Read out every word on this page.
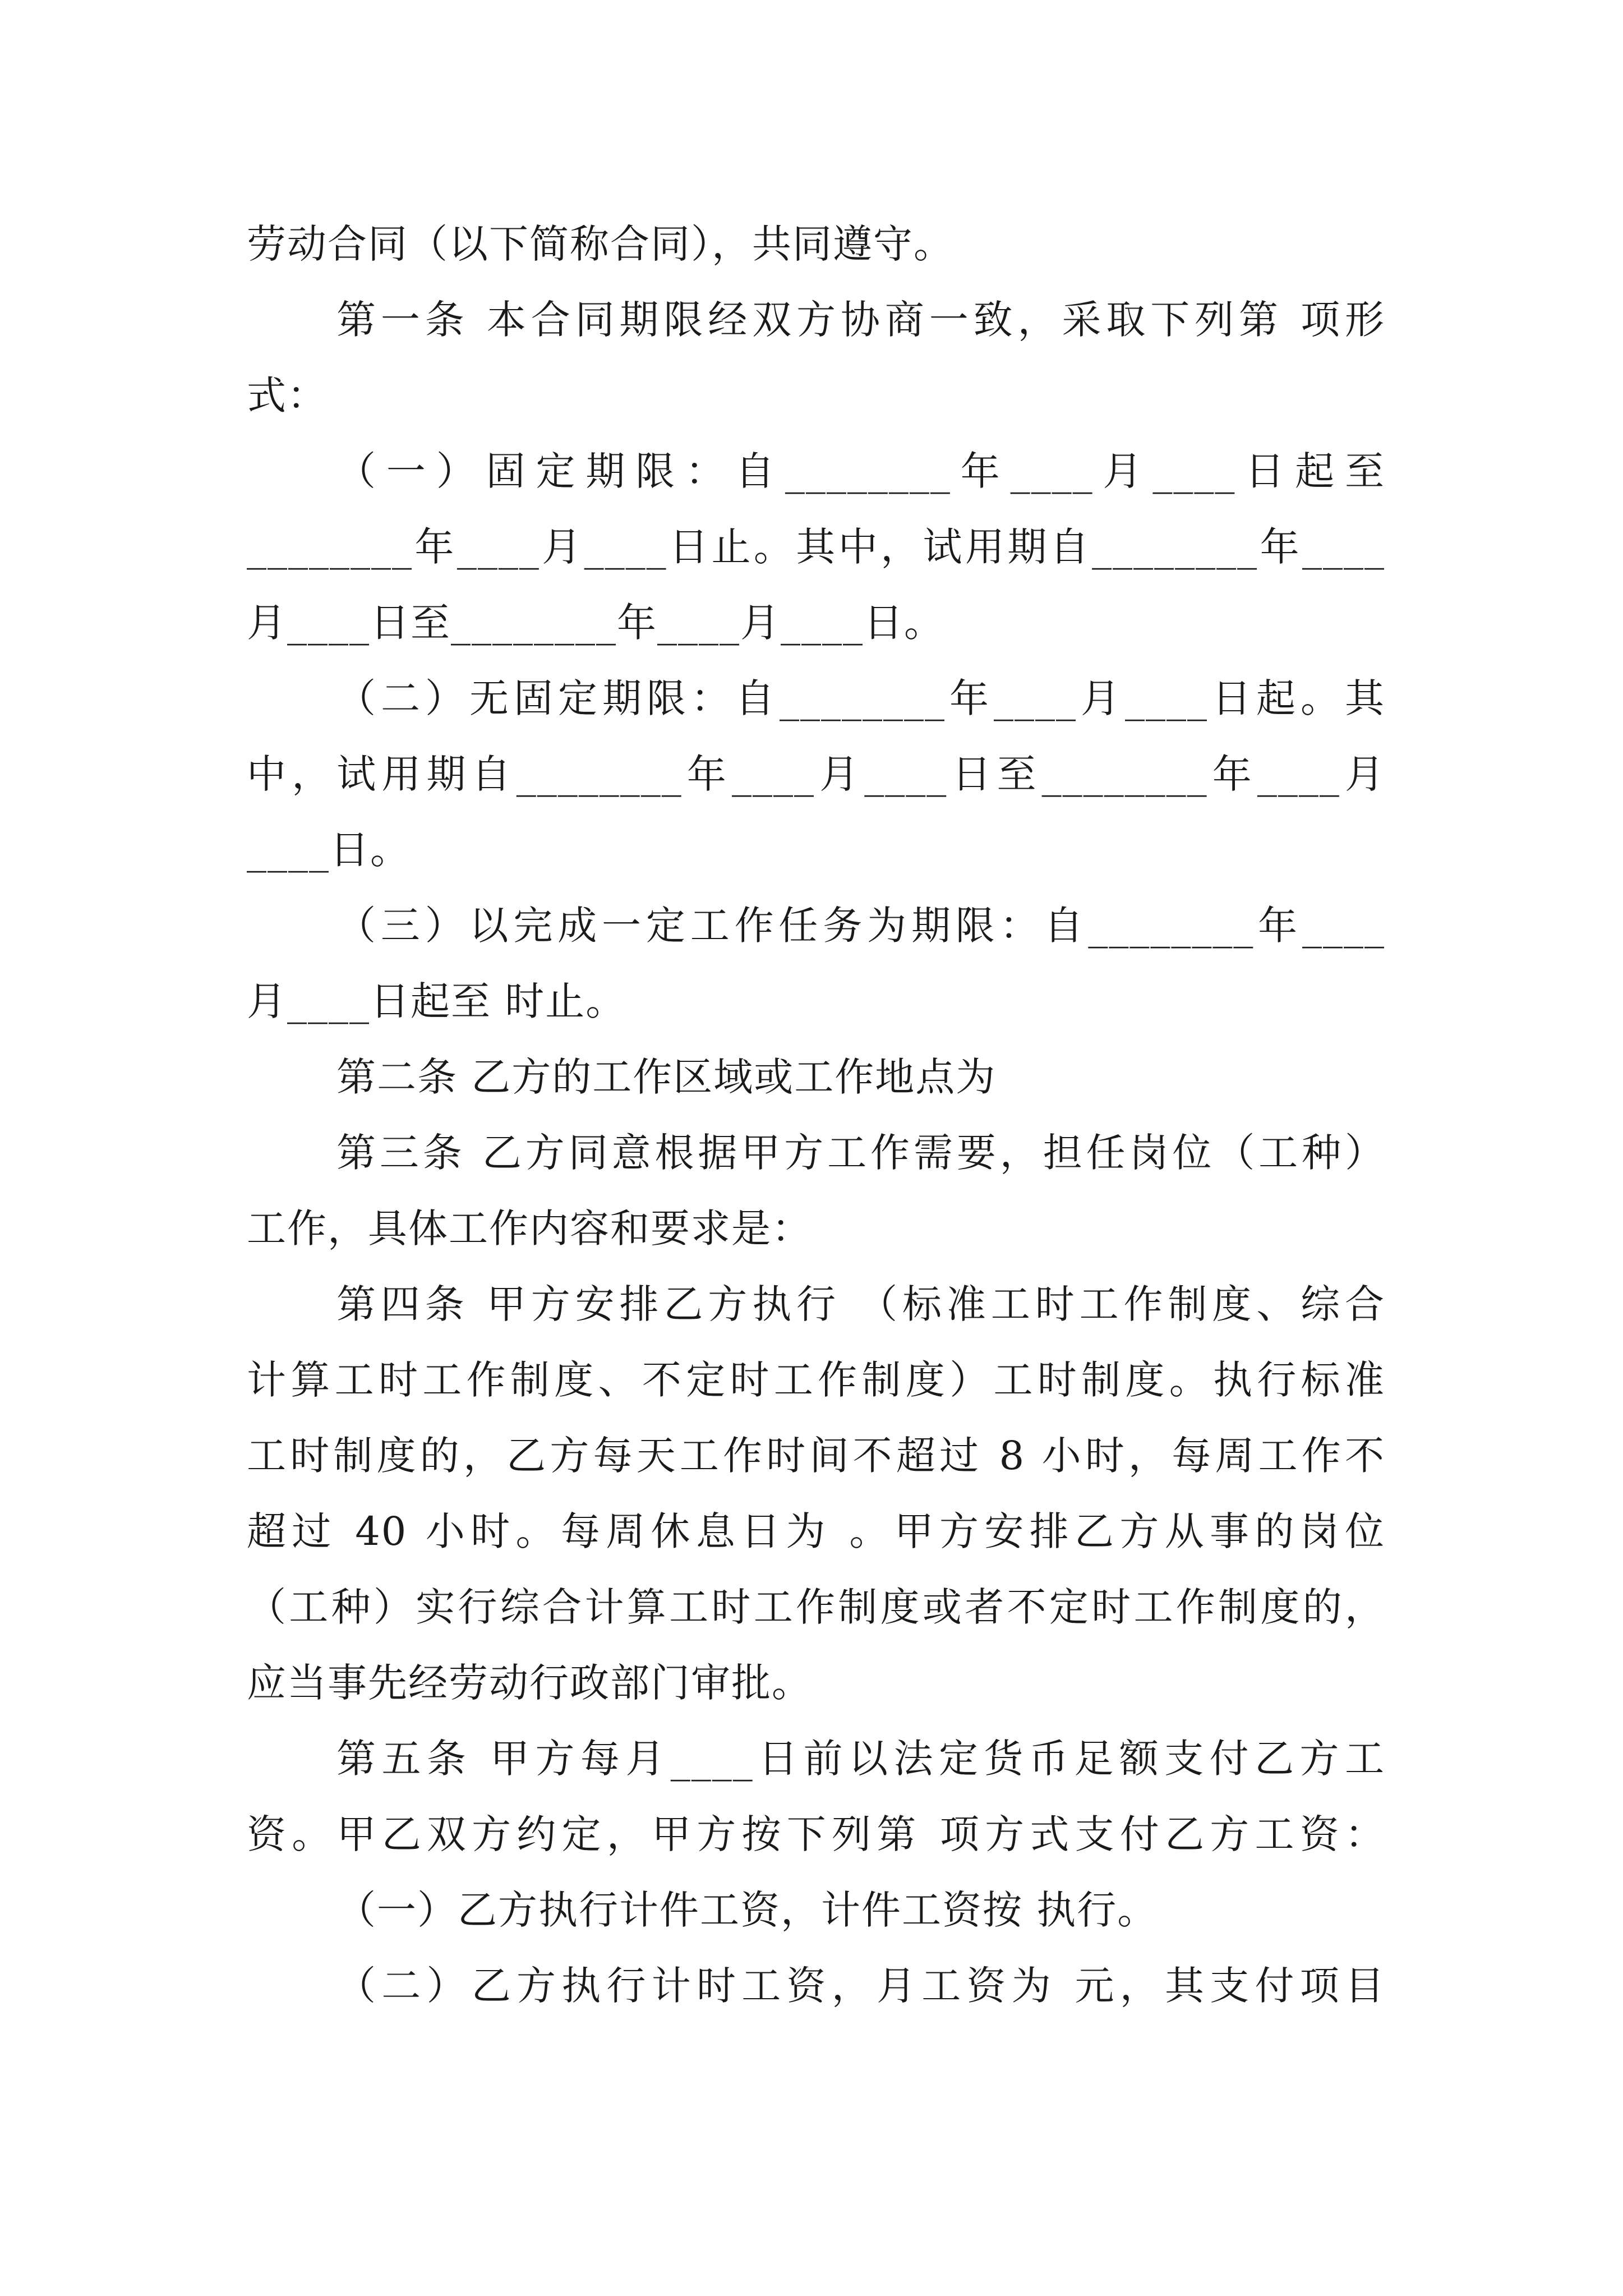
劳动合同（以下简称合同），共同遵守。
第一条 本合同期限经双方协商一致，采取下列第 项形
式：
（一）固定期限：自________年____月____日起至
________年____月____日止。其中，试用期自________年____
月____日至________年____月____日。
（二）无固定期限：自________年____月____日起。其
中，试用期自________年____月____日至________年____月
____日。
（三）以完成一定工作任务为期限：自________年____
月____日起至 时止。
第二条 乙方的工作区域或工作地点为
第三条 乙方同意根据甲方工作需要，担任岗位（工种）
工作，具体工作内容和要求是：
第四条 甲方安排乙方执行 （标准工时工作制度、综合
计算工时工作制度、不定时工作制度）工时制度。执行标准
工时制度的，乙方每天工作时间不超过 8 小时，每周工作不
超过 40 小时。每周休息日为 。甲方安排乙方从事的岗位
（工种）实行综合计算工时工作制度或者不定时工作制度的，
应当事先经劳动行政部门审批。
第五条 甲方每月____日前以法定货币足额支付乙方工
资。甲乙双方约定，甲方按下列第 项方式支付乙方工资：
（一）乙方执行计件工资，计件工资按 执行。
（二）乙方执行计时工资，月工资为 元，其支付项目
